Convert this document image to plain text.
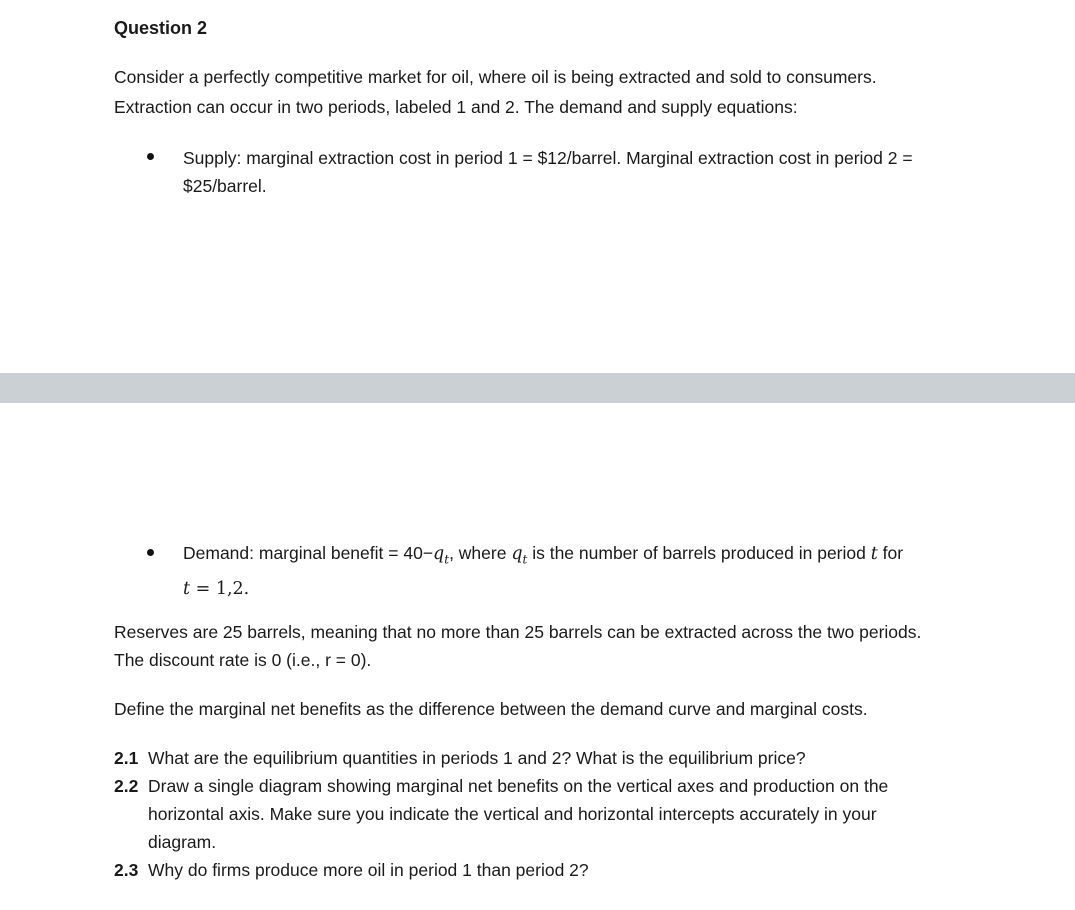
Question 2
Consider a perfectly competitive market for oil, where oil is being extracted and sold to consumers.
Extraction can occur in two periods, labeled 1 and 2. The demand and supply equations:
Supply: marginal extraction cost in period 1 = $12/barrel. Marginal extraction cost in period 2 =
$25/barrel.
Demand: marginal benefit = $40-q_t$, where $q_t$ is the number of barrels produced in period t for
t = 1,2.
Reserves are 25 barrels, meaning that no more than 25 barrels can be extracted across the two periods.
The discount rate is 0 (i.e., r = 0).
Define the marginal net benefits as the difference between the demand curve and marginal costs.
2.1 What are the equilibrium quantities in periods 1 and 2? What is the equilibrium price?
2.2 Draw a single diagram showing marginal net benefits on the vertical axes and production on the
horizontal axis. Make sure you indicate the vertical and horizontal intercepts accurately in your
diagram.
2.3 Why do firms produce more oil in period 1 than period 2?
